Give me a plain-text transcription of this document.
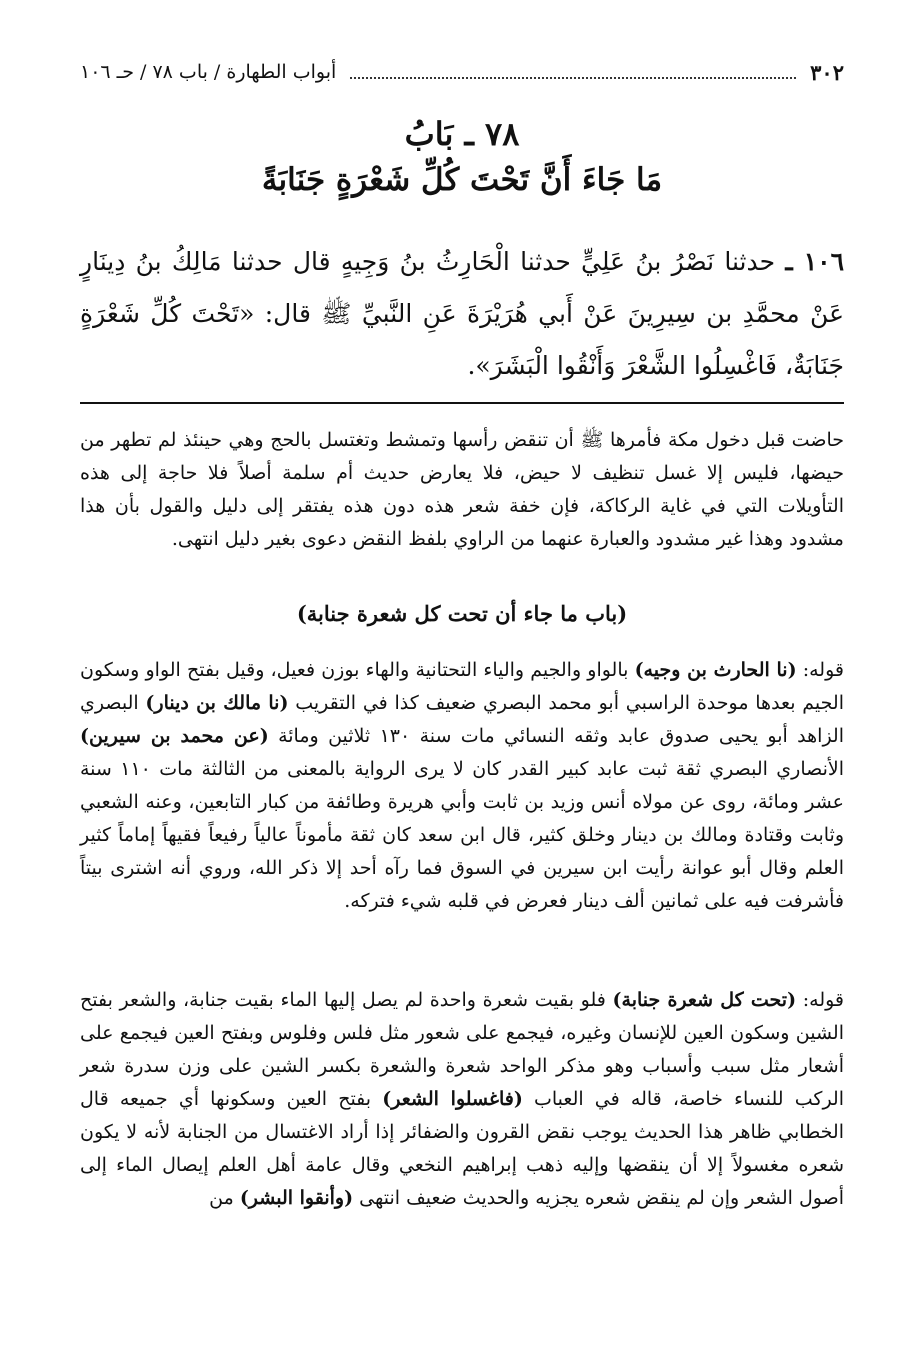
٣٠٢
أبواب الطهارة / باب ٧٨ / حـ ١٠٦
٧٨ ـ بَابُ
مَا جَاءَ أَنَّ تَحْتَ كُلِّ شَعْرَةٍ جَنَابَةً
١٠٦ ـ حدثنا نَصْرُ بنُ عَلِيٍّ حدثنا الْحَارِثُ بنُ وَجِيهٍ قال حدثنا مَالِكُ بنُ دِينَارٍ عَنْ محمَّدِ بن سِيرِينَ عَنْ أَبي هُرَيْرَةَ عَنِ النَّبيِّ ﷺ قال: «تَحْتَ كُلِّ شَعْرَةٍ جَنَابَةٌ، فَاغْسِلُوا الشَّعْرَ وَأَنْقُوا الْبَشَرَ».

حاضت قبل دخول مكة فأمرها ﷺ أن تنقض رأسها وتمشط وتغتسل بالحج وهي حينئذ لم تطهر من حيضها، فليس إلا غسل تنظيف لا حيض، فلا يعارض حديث أم سلمة أصلاً فلا حاجة إلى هذه التأويلات التي في غاية الركاكة، فإن خفة شعر هذه دون هذه يفتقر إلى دليل والقول بأن هذا مشدود وهذا غير مشدود والعبارة عنهما من الراوي بلفظ النقض دعوى بغير دليل انتهى.

(باب ما جاء أن تحت كل شعرة جنابة)

قوله: (نا الحارث بن وجيه) بالواو والجيم والياء التحتانية والهاء بوزن فعيل، وقيل بفتح الواو وسكون الجيم بعدها موحدة الراسبي أبو محمد البصري ضعيف كذا في التقريب (نا مالك بن دينار) البصري الزاهد أبو يحيى صدوق عابد وثقه النسائي مات سنة ١٣٠ ثلاثين ومائة (عن محمد بن سيرين) الأنصاري البصري ثقة ثبت عابد كبير القدر كان لا يرى الرواية بالمعنى من الثالثة مات ١١٠ سنة عشر ومائة، روى عن مولاه أنس وزيد بن ثابت وأبي هريرة وطائفة من كبار التابعين، وعنه الشعبي وثابت وقتادة ومالك بن دينار وخلق كثير، قال ابن سعد كان ثقة مأموناً عالياً رفيعاً فقيهاً إماماً كثير العلم وقال أبو عوانة رأيت ابن سيرين في السوق فما رآه أحد إلا ذكر الله، وروي أنه اشترى بيتاً فأشرفت فيه على ثمانين ألف دينار فعرض في قلبه شيء فتركه.

قوله: (تحت كل شعرة جنابة) فلو بقيت شعرة واحدة لم يصل إليها الماء بقيت جنابة، والشعر بفتح الشين وسكون العين للإنسان وغيره، فيجمع على شعور مثل فلس وفلوس وبفتح العين فيجمع على أشعار مثل سبب وأسباب وهو مذكر الواحد شعرة والشعرة بكسر الشين على وزن سدرة شعر الركب للنساء خاصة، قاله في العباب (فاغسلوا الشعر) بفتح العين وسكونها أي جميعه قال الخطابي ظاهر هذا الحديث يوجب نقض القرون والضفائر إذا أراد الاغتسال من الجنابة لأنه لا يكون شعره مغسولاً إلا أن ينقضها وإليه ذهب إبراهيم النخعي وقال عامة أهل العلم إيصال الماء إلى أصول الشعر وإن لم ينقض شعره يجزيه والحديث ضعيف انتهى (وأنقوا البشر) من
